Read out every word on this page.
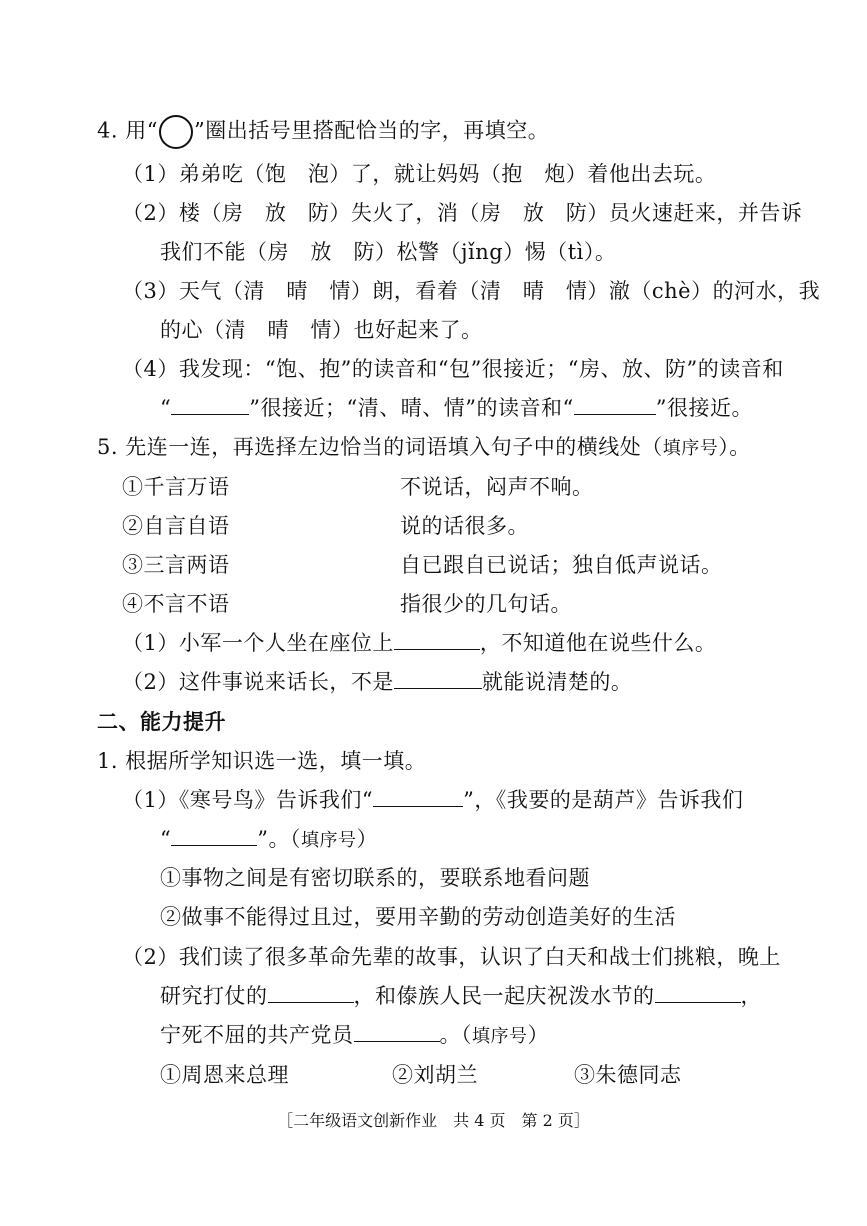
4. 用“ ”圈出括号里搭配恰当的字，再填空。
（1）弟弟吃（饱　泡）了，就让妈妈（抱　炮）着他出去玩。
（2）楼（房　放　防）失火了，消（房　放　防）员火速赶来，并告诉
我们不能（房　放　防）松警（jǐng）惕（tì）。
（3）天气（清　晴　情）朗，看着（清　晴　情）澈（chè）的河水，我
的心（清　晴　情）也好起来了。
（4）我发现：“饱、抱”的读音和“包”很接近；“房、放、防”的读音和
“	”很接近；“清、晴、情”的读音和“	”很接近。
5. 先连一连，再选择左边恰当的词语填入句子中的横线处（填序号）。
①千言万语	不说话，闷声不响。
②自言自语	说的话很多。
③三言两语	自已跟自已说话；独自低声说话。
④不言不语	指很少的几句话。
（1）小军一个人坐在座位上	，不知道他在说些什么。
（2）这件事说来话长，不是	就能说清楚的。
二、能力提升
1. 根据所学知识选一选，填一填。
（1）《寒号鸟》告诉我们“	”，《我要的是葫芦》告诉我们
“	”。（填序号）
①事物之间是有密切联系的，要联系地看问题
②做事不能得过且过，要用辛勤的劳动创造美好的生活
（2）我们读了很多革命先辈的故事，认识了白天和战士们挑粮，晚上
研究打仗的	，和傣族人民一起庆祝泼水节的	，
宁死不屈的共产党员	。（填序号）
①周恩来总理	②刘胡兰	③朱德同志
［二年级语文创新作业　共 4 页　第 2 页］
